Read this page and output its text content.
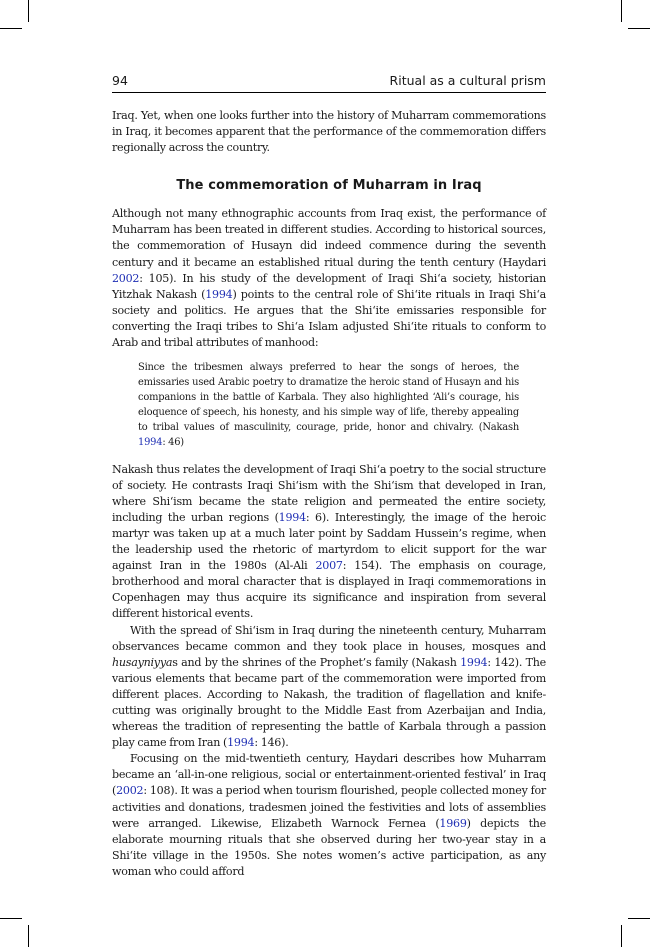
94	Ritual as a cultural prism

Iraq. Yet, when one looks further into the history of Muharram commemorations in Iraq, it becomes apparent that the performance of the commemoration differs regionally across the country.

The commemoration of Muharram in Iraq

Although not many ethnographic accounts from Iraq exist, the performance of Muharram has been treated in different studies. According to historical sources, the commemoration of Husayn did indeed commence during the seventh century and it became an established ritual during the tenth century (Haydari 2002: 105). In his study of the development of Iraqi Shiʻa society, historian Yitzhak Nakash (1994) points to the central role of Shiʻite rituals in Iraqi Shiʻa society and politics. He argues that the Shiʻite emissaries responsible for converting the Iraqi tribes to Shiʻa Islam adjusted Shiʻite rituals to conform to Arab and tribal attributes of manhood:

Since the tribesmen always preferred to hear the songs of heroes, the emissaries used Arabic poetry to dramatize the heroic stand of Husayn and his companions in the battle of Karbala. They also highlighted ʻAli’s courage, his eloquence of speech, his honesty, and his simple way of life, thereby appealing to tribal values of masculinity, courage, pride, honor and chivalry. (Nakash 1994: 46)

Nakash thus relates the development of Iraqi Shiʻa poetry to the social structure of society. He contrasts Iraqi Shiʻism with the Shiʻism that developed in Iran, where Shiʻism became the state religion and permeated the entire society, including the urban regions (1994: 6). Interestingly, the image of the heroic martyr was taken up at a much later point by Saddam Hussein’s regime, when the leadership used the rhetoric of martyrdom to elicit support for the war against Iran in the 1980s (Al-Ali 2007: 154). The emphasis on courage, brotherhood and moral character that is displayed in Iraqi commemorations in Copenhagen may thus acquire its significance and inspiration from several different historical events.

With the spread of Shiʻism in Iraq during the nineteenth century, Muharram observances became common and they took place in houses, mosques and husayniyyas and by the shrines of the Prophet’s family (Nakash 1994: 142). The various elements that became part of the commemoration were imported from different places. According to Nakash, the tradition of flagellation and knife-cutting was originally brought to the Middle East from Azerbaijan and India, whereas the tradition of representing the battle of Karbala through a passion play came from Iran (1994: 146).

Focusing on the mid-twentieth century, Haydari describes how Muharram became an ‘all-in-one religious, social or entertainment-oriented festival’ in Iraq (2002: 108). It was a period when tourism flourished, people collected money for activities and donations, tradesmen joined the festivities and lots of assemblies were arranged. Likewise, Elizabeth Warnock Fernea (1969) depicts the elaborate mourning rituals that she observed during her two-year stay in a Shiʻite village in the 1950s. She notes women’s active participation, as any woman who could afford
